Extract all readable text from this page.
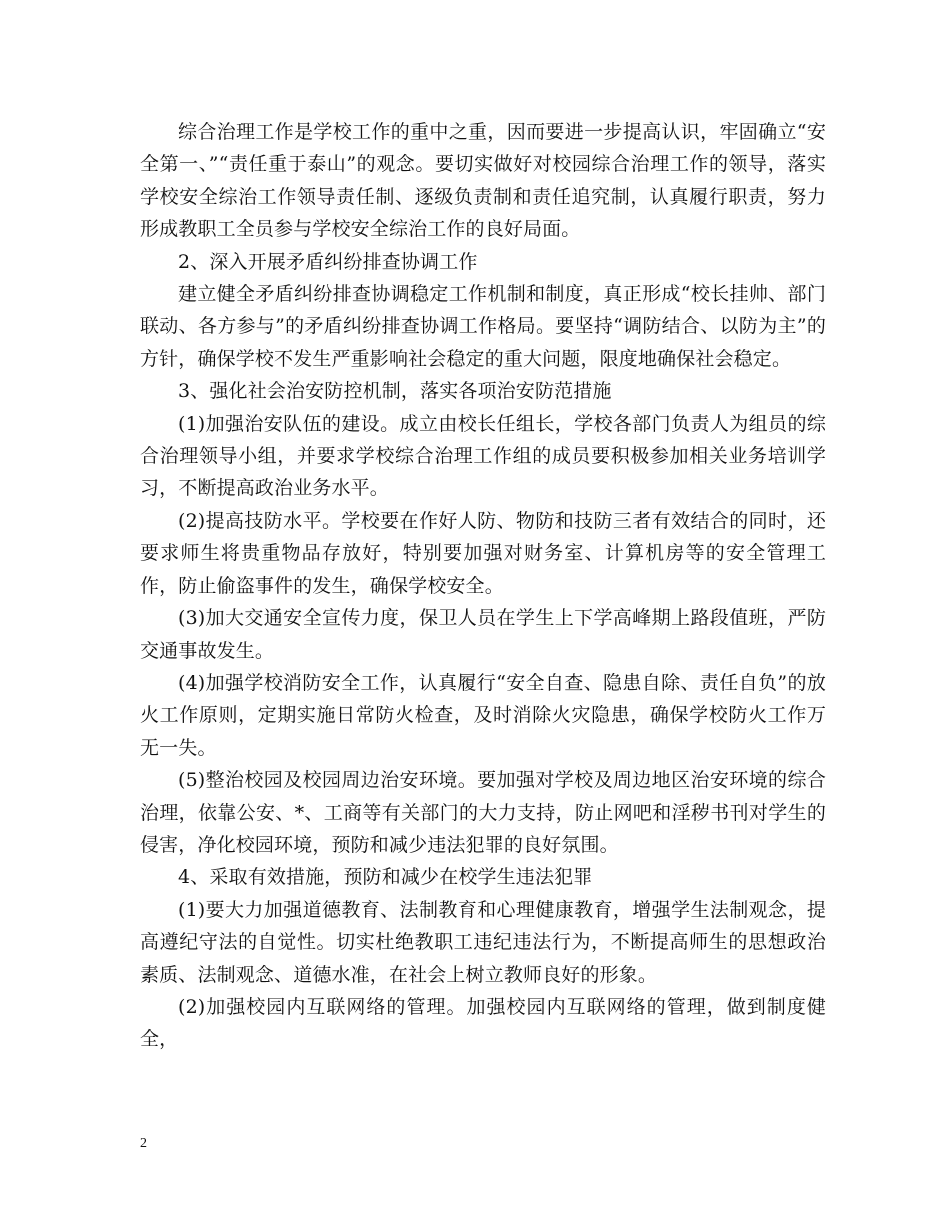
综合治理工作是学校工作的重中之重，因而要进一步提高认识，牢固确立“安全第一、”“责任重于泰山”的观念。要切实做好对校园综合治理工作的领导，落实学校安全综治工作领导责任制、逐级负责制和责任追究制，认真履行职责，努力形成教职工全员参与学校安全综治工作的良好局面。

2、深入开展矛盾纠纷排查协调工作

建立健全矛盾纠纷排查协调稳定工作机制和制度，真正形成“校长挂帅、部门联动、各方参与”的矛盾纠纷排查协调工作格局。要坚持“调防结合、以防为主”的方针，确保学校不发生严重影响社会稳定的重大问题，限度地确保社会稳定。

3、强化社会治安防控机制，落实各项治安防范措施

(1)加强治安队伍的建设。成立由校长任组长，学校各部门负责人为组员的综合治理领导小组，并要求学校综合治理工作组的成员要积极参加相关业务培训学习，不断提高政治业务水平。

(2)提高技防水平。学校要在作好人防、物防和技防三者有效结合的同时，还要求师生将贵重物品存放好，特别要加强对财务室、计算机房等的安全管理工作，防止偷盗事件的发生，确保学校安全。

(3)加大交通安全宣传力度，保卫人员在学生上下学高峰期上路段值班，严防交通事故发生。

(4)加强学校消防安全工作，认真履行“安全自查、隐患自除、责任自负”的放火工作原则，定期实施日常防火检查，及时消除火灾隐患，确保学校防火工作万无一失。

(5)整治校园及校园周边治安环境。要加强对学校及周边地区治安环境的综合治理，依靠公安、*、工商等有关部门的大力支持，防止网吧和淫秽书刊对学生的侵害，净化校园环境，预防和减少违法犯罪的良好氛围。

4、采取有效措施，预防和减少在校学生违法犯罪

(1)要大力加强道德教育、法制教育和心理健康教育，增强学生法制观念，提高遵纪守法的自觉性。切实杜绝教职工违纪违法行为，不断提高师生的思想政治素质、法制观念、道德水准，在社会上树立教师良好的形象。

(2)加强校园内互联网络的管理。加强校园内互联网络的管理，做到制度健全，

2
